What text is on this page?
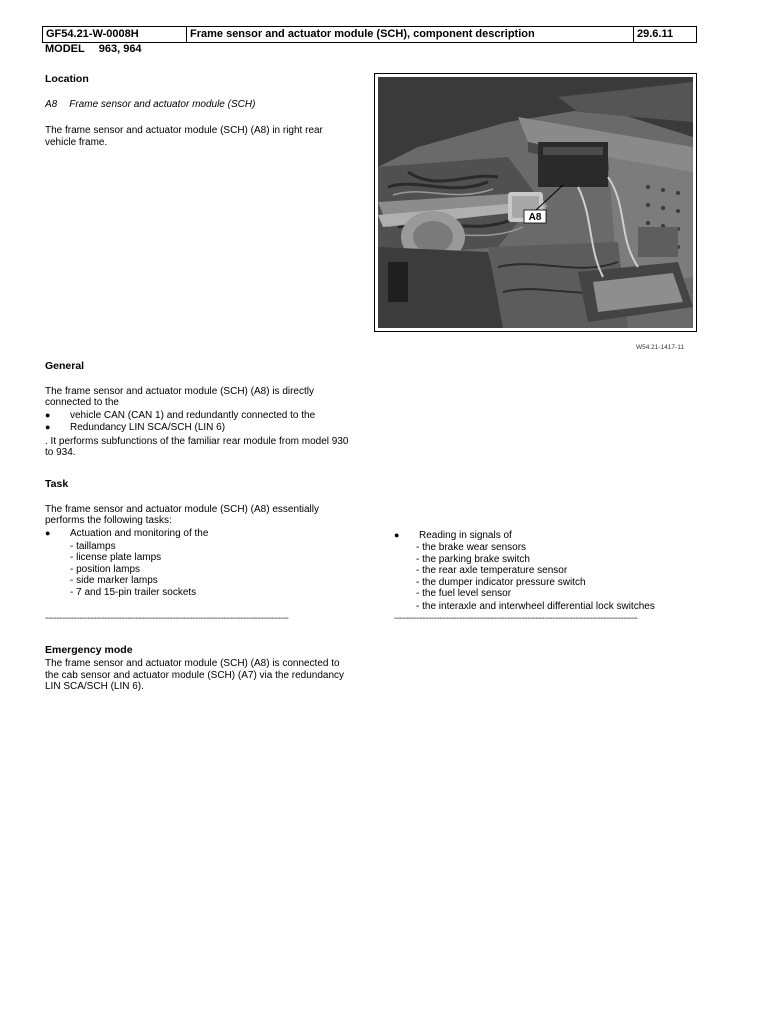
GF54.21-W-0008H	Frame sensor and actuator module (SCH), component description	29.6.11
MODEL 963, 964
Location
A8 Frame sensor and actuator module (SCH)
The frame sensor and actuator module (SCH) (A8) in right rear
vehicle frame.
A8
W54.21-1417-11
General
The frame sensor and actuator module (SCH) (A8) is directly
connected to the
● vehicle CAN (CAN 1) and redundantly connected to the
● Redundancy LIN SCA/SCH (LIN 6)
. It performs subfunctions of the familiar rear module from model 930
to 934.
Task
The frame sensor and actuator module (SCH) (A8) essentially
performs the following tasks:
● Actuation and monitoring of the
- taillamps
- license plate lamps
- position lamps
- side marker lamps
- 7 and 15-pin trailer sockets
● Reading in signals of
- the brake wear sensors
- the parking brake switch
- the rear axle temperature sensor
- the dumper indicator pressure switch
- the fuel level sensor
- the interaxle and interwheel differential lock switches
--------------------------------------------------------------------------------------	--------------------------------------------------------------------------------------
Emergency mode
The frame sensor and actuator module (SCH) (A8) is connected to
the cab sensor and actuator module (SCH) (A7) via the redundancy
LIN SCA/SCH (LIN 6).
